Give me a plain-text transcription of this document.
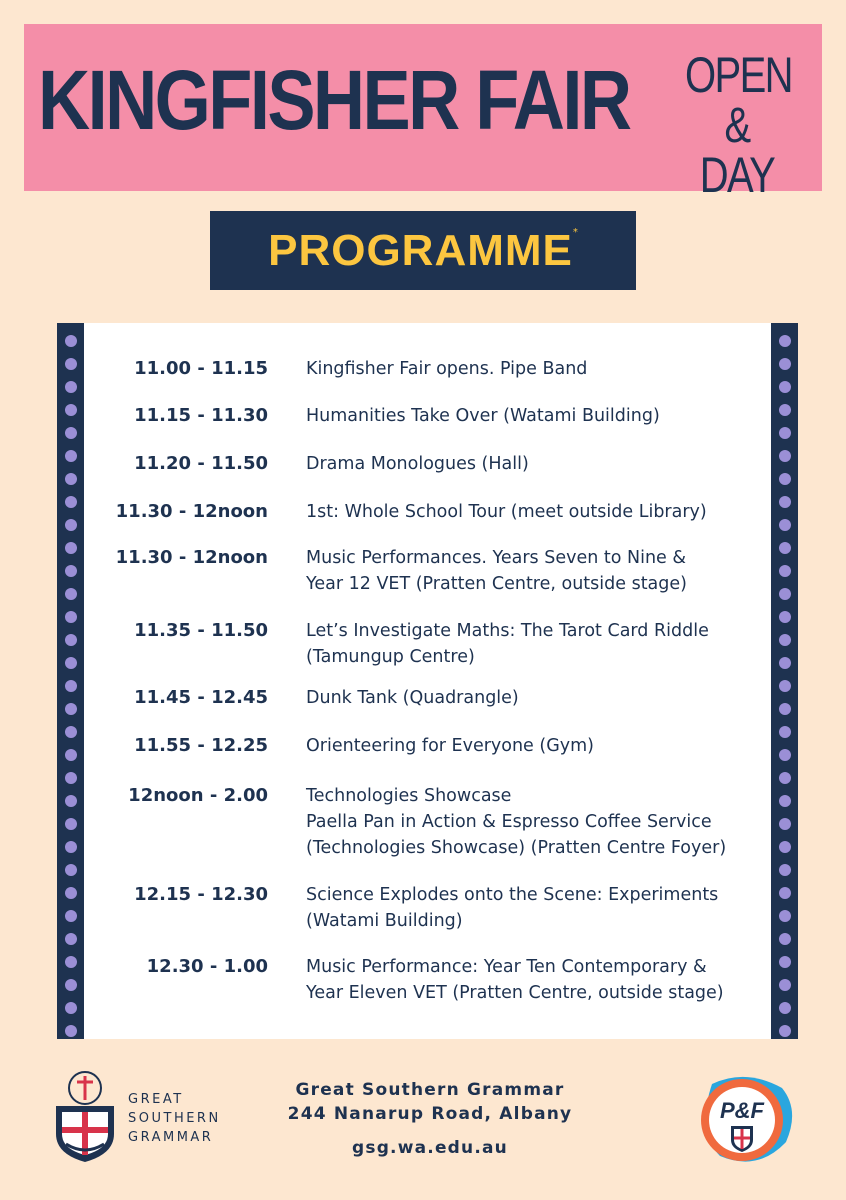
KINGFISHER FAIR OPEN
& DAY
PROGRAMME*
11.00 - 11.15 Kingfisher Fair opens. Pipe Band
11.15 - 11.30 Humanities Take Over (Watami Building)
11.20 - 11.50 Drama Monologues (Hall)
11.30 - 12noon 1st: Whole School Tour (meet outside Library)
11.30 - 12noon Music Performances. Years Seven to Nine &
Year 12 VET (Pratten Centre, outside stage)
11.35 - 11.50 Let’s Investigate Maths: The Tarot Card Riddle
(Tamungup Centre)
11.45 - 12.45 Dunk Tank (Quadrangle)
11.55 - 12.25 Orienteering for Everyone (Gym)
12noon - 2.00 Technologies Showcase
Paella Pan in Action & Espresso Coffee Service
(Technologies Showcase) (Pratten Centre Foyer)
12.15 - 12.30 Science Explodes onto the Scene: Experiments
(Watami Building)
12.30 - 1.00 Music Performance: Year Ten Contemporary &
Year Eleven VET (Pratten Centre, outside stage)
GREAT
SOUTHERN
GRAMMAR
Great Southern Grammar
244 Nanarup Road, Albany
gsg.wa.edu.au
P&F
